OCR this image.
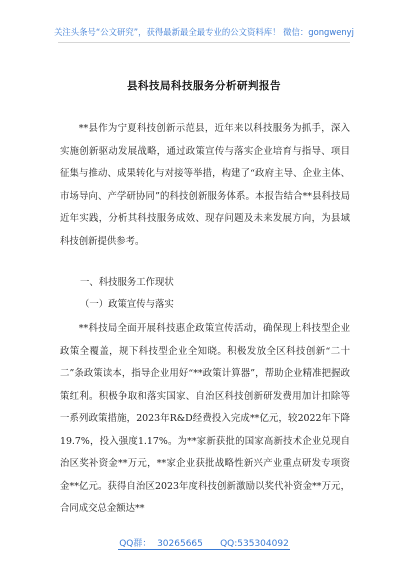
关注头条号“公文研究”，获得最新最全最专业的公文资料库！ 微信：gongwenyj
县科技局科技服务分析研判报告
**县作为宁夏科技创新示范县，近年来以科技服务为抓手，深入实施创新驱动发展战略，通过政策宣传与落实企业培育与指导、项目征集与推动、成果转化与对接等举措，构建了“政府主导、企业主体、市场导向、产学研协同”的科技创新服务体系。本报告结合**县科技局近年实践，分析其科技服务成效、现存问题及未来发展方向，为县域科技创新提供参考。
一、科技服务工作现状
（一）政策宣传与落实
**科技局全面开展科技惠企政策宣传活动，确保现上科技型企业政策全覆盖，规下科技型企业全知晓。积极发放全区科技创新“二十二”条政策读本，指导企业用好“**政策计算器”，帮助企业精准把握政策红利。积极争取和落实国家、自治区科技创新研发费用加计扣除等一系列政策措施，2023年R&D经费投入完成**亿元，较2022年下降19.7%，投入强度1.17%。为**家新获批的国家高新技术企业兑现自治区奖补资金**万元，**家企业获批战略性新兴产业重点研发专项资金**亿元。获得自治区2023年度科技创新激励以奖代补资金**万元，合同成交总金额达**
QQ群：  30265665 QQ:535304092
